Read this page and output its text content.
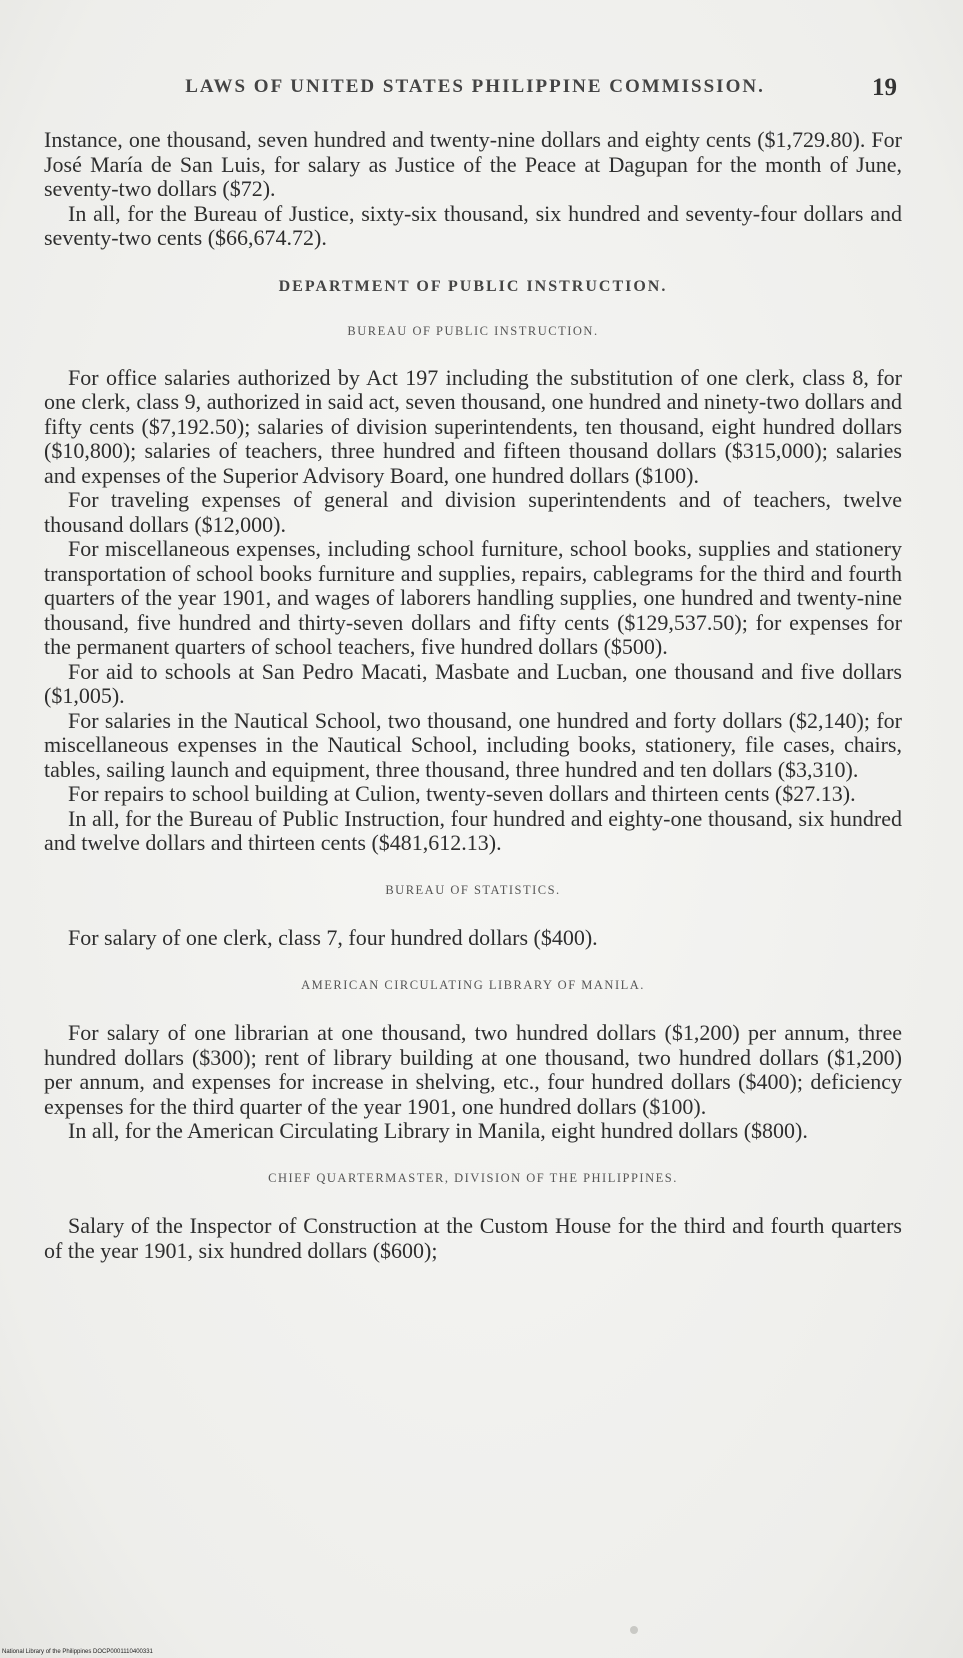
LAWS OF UNITED STATES PHILIPPINE COMMISSION.	19

Instance, one thousand, seven hundred and twenty-nine dollars and eighty cents ($1,729.80). For José María de San Luis, for salary as Justice of the Peace at Dagupan for the month of June, seventy-two dollars ($72).

In all, for the Bureau of Justice, sixty-six thousand, six hundred and seventy-four dollars and seventy-two cents ($66,674.72).

DEPARTMENT OF PUBLIC INSTRUCTION.
BUREAU OF PUBLIC INSTRUCTION.

For office salaries authorized by Act 197 including the substitution of one clerk, class 8, for one clerk, class 9, authorized in said act, seven thousand, one hundred and ninety-two dollars and fifty cents ($7,192.50); salaries of division superintendents, ten thousand, eight hundred dollars ($10,800); salaries of teachers, three hundred and fifteen thousand dollars ($315,000); salaries and expenses of the Superior Advisory Board, one hundred dollars ($100).

For traveling expenses of general and division superintendents and of teachers, twelve thousand dollars ($12,000).

For miscellaneous expenses, including school furniture, school books, supplies and stationery transportation of school books furniture and supplies, repairs, cablegrams for the third and fourth quarters of the year 1901, and wages of laborers handling supplies, one hundred and twenty-nine thousand, five hundred and thirty-seven dollars and fifty cents ($129,537.50); for expenses for the permanent quarters of school teachers, five hundred dollars ($500).

For aid to schools at San Pedro Macati, Masbate and Lucban, one thousand and five dollars ($1,005).

For salaries in the Nautical School, two thousand, one hundred and forty dollars ($2,140); for miscellaneous expenses in the Nautical School, including books, stationery, file cases, chairs, tables, sailing launch and equipment, three thousand, three hundred and ten dollars ($3,310).

For repairs to school building at Culion, twenty-seven dollars and thirteen cents ($27.13).

In all, for the Bureau of Public Instruction, four hundred and eighty-one thousand, six hundred and twelve dollars and thirteen cents ($481,612.13).

BUREAU OF STATISTICS.

For salary of one clerk, class 7, four hundred dollars ($400).

AMERICAN CIRCULATING LIBRARY OF MANILA.

For salary of one librarian at one thousand, two hundred dollars ($1,200) per annum, three hundred dollars ($300); rent of library building at one thousand, two hundred dollars ($1,200) per annum, and expenses for increase in shelving, etc., four hundred dollars ($400); deficiency expenses for the third quarter of the year 1901, one hundred dollars ($100).

In all, for the American Circulating Library in Manila, eight hundred dollars ($800).

CHIEF QUARTERMASTER, DIVISION OF THE PHILIPPINES.

Salary of the Inspector of Construction at the Custom House for the third and fourth quarters of the year 1901, six hundred dollars ($600);

National Library of the Philippines DOCP0001110400331
